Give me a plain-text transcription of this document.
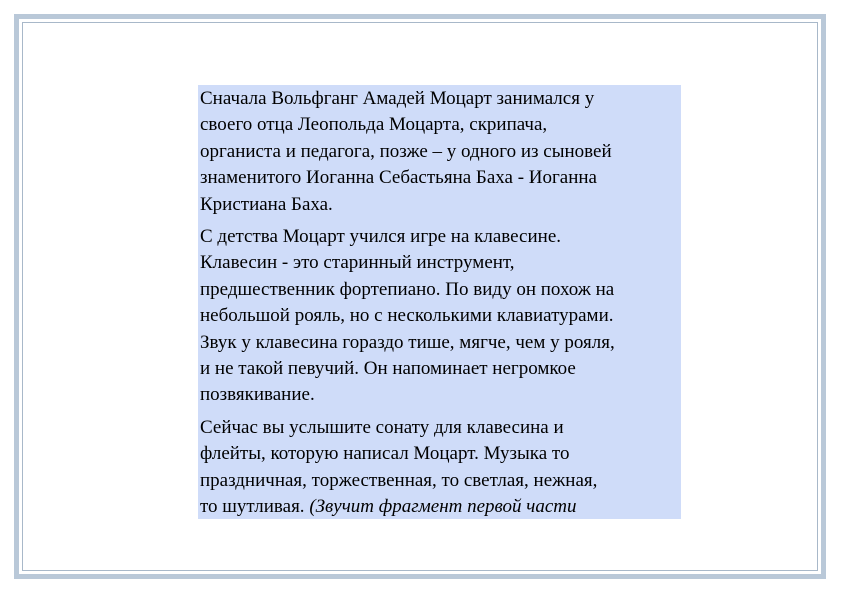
Сначала Вольфганг Амадей Моцарт занимался у
своего отца Леопольда Моцарта, скрипача,
органиста и педагога, позже – у одного из сыновей
знаменитого Иоганна Себастьяна Баха - Иоганна
Кристиана Баха.

С детства Моцарт учился игре на клавесине.
Клавесин - это старинный инструмент,
предшественник фортепиано. По виду он похож на
небольшой рояль, но с несколькими клавиатурами.
Звук у клавесина гораздо тише, мягче, чем у рояля,
и не такой певучий. Он напоминает негромкое
позвякивание.

Сейчас вы услышите сонату для клавесина и
флейты, которую написал Моцарт. Музыка то
праздничная, торжественная, то светлая, нежная,
то шутливая. (Звучит фрагмент первой части
